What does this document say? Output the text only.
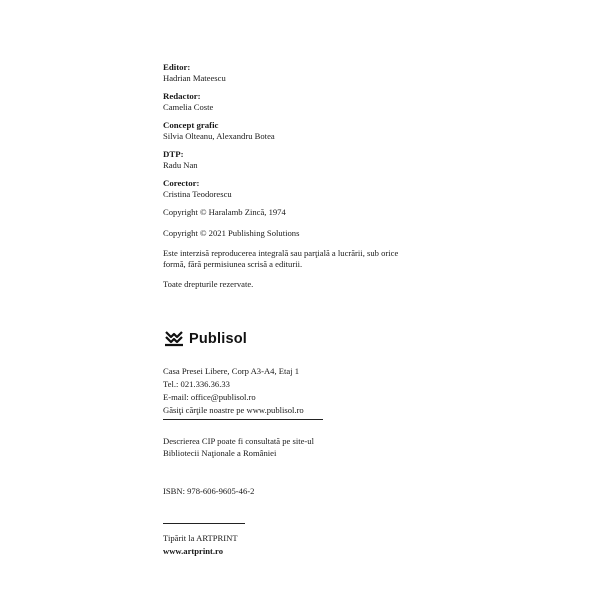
Editor:
Hadrian Mateescu
Redactor:
Camelia Coste
Concept grafic
Silvia Olteanu, Alexandru Botea
DTP:
Radu Nan
Corector:
Cristina Teodorescu
Copyright © Haralamb Zincă, 1974
Copyright © 2021 Publishing Solutions
Este interzisă reproducerea integrală sau parţială a lucrării, sub orice formă, fără permisiunea scrisă a editurii.
Toate drepturile rezervate.
Publisol
Casa Presei Libere, Corp A3-A4, Etaj 1
Tel.: 021.336.36.33
E-mail: office@publisol.ro
Găsiţi cărţile noastre pe www.publisol.ro
Descrierea CIP poate fi consultată pe site-ul
Bibliotecii Naţionale a României
ISBN: 978-606-9605-46-2
Tipărit la ARTPRINT
www.artprint.ro
